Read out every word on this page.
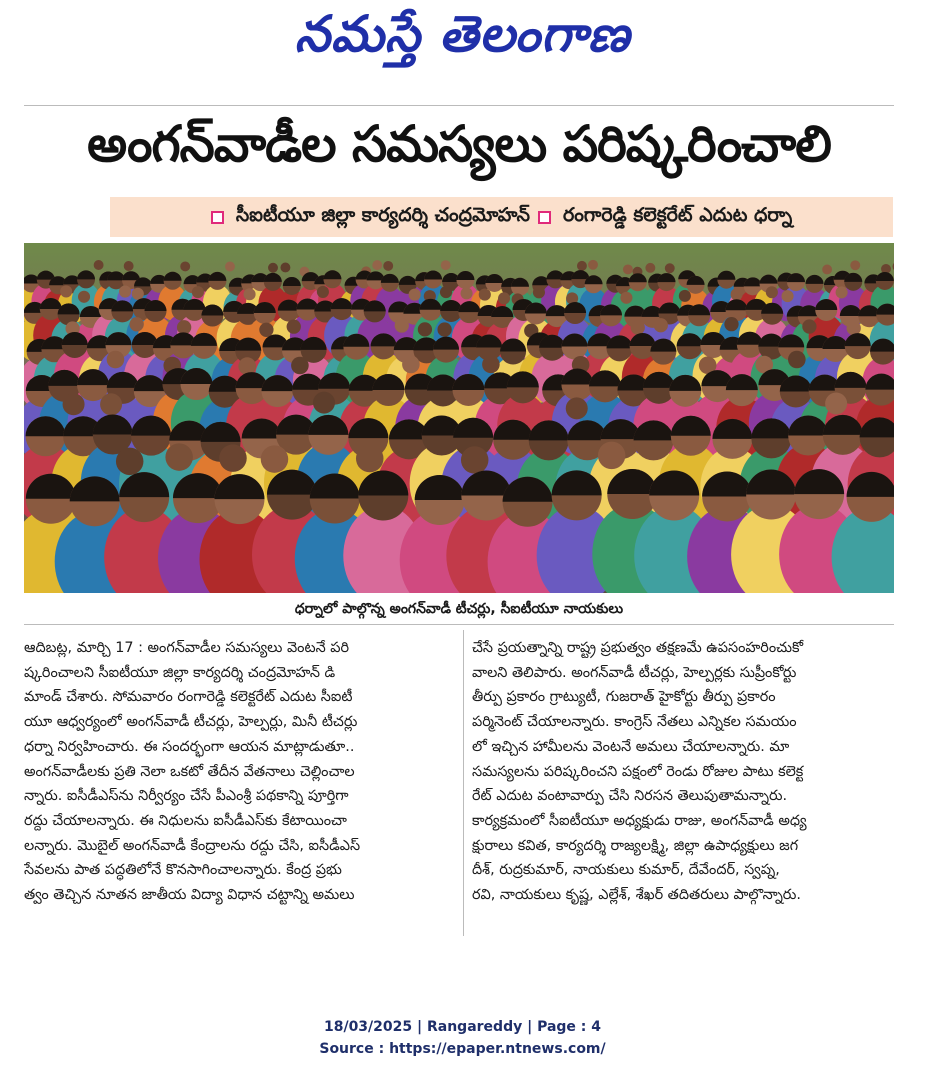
నమస్తే తెలంగాణ
అంగన్‌వాడీల సమస్యలు పరిష్కరించాలి
సీఐటీయూ జిల్లా కార్యదర్శి చంద్రమోహన్ రంగారెడ్డి కలెక్టరేట్ ఎదుట ధర్నా
ధర్నాలో పాల్గొన్న అంగన్‌వాడీ టీచర్లు, సీఐటీయూ నాయకులు
ఆదిబట్ల, మార్చి 17 : అంగన్‌వాడీల సమస్యలు వెంటనే పరి
ష్కరించాలని సీఐటీయూ జిల్లా కార్యదర్శి చంద్రమోహన్ డి
మాండ్ చేశారు. సోమవారం రంగారెడ్డి కలెక్టరేట్ ఎదుట సీఐటీ
యూ ఆధ్వర్యంలో అంగన్‌వాడీ టీచర్లు, హెల్పర్లు, మినీ టీచర్లు
ధర్నా నిర్వహించారు. ఈ సందర్భంగా ఆయన మాట్లాడుతూ..
అంగన్‌వాడీలకు ప్రతి నెలా ఒకటో తేదీన వేతనాలు చెల్లించాల
న్నారు. ఐసీడీఎస్‌ను నిర్వీర్యం చేసే పీఎంశ్రీ పథకాన్ని పూర్తిగా
రద్దు చేయాలన్నారు. ఈ నిధులను ఐసీడీఎస్‌కు కేటాయించా
లన్నారు. మొబైల్ అంగన్‌వాడీ కేంద్రాలను రద్దు చేసి, ఐసీడీఎస్
సేవలను పాత పద్ధతిలోనే కొనసాగించాలన్నారు. కేంద్ర ప్రభు
త్వం తెచ్చిన నూతన జాతీయ విద్యా విధాన చట్టాన్ని అమలు
చేసే ప్రయత్నాన్ని రాష్ట్ర ప్రభుత్వం తక్షణమే ఉపసంహరించుకో
వాలని తెలిపారు. అంగన్‌వాడీ టీచర్లు, హెల్పర్లకు సుప్రీంకోర్టు
తీర్పు ప్రకారం గ్రాట్యుటీ, గుజరాత్ హైకోర్టు తీర్పు ప్రకారం
పర్మినెంట్ చేయాలన్నారు. కాంగ్రెస్ నేతలు ఎన్నికల సమయం
లో ఇచ్చిన హామీలను వెంటనే అమలు చేయాలన్నారు. మా
సమస్యలను పరిష్కరించని పక్షంలో రెండు రోజుల పాటు కలెక్ట
రేట్ ఎదుట వంటావార్పు చేసి నిరసన తెలుపుతామన్నారు.
కార్యక్రమంలో సీఐటీయూ అధ్యక్షుడు రాజు, అంగన్‌వాడీ అధ్య
క్షురాలు కవిత, కార్యదర్శి రాజ్యలక్ష్మి, జిల్లా ఉపాధ్యక్షులు జగ
దీశ్, రుద్రకుమార్, నాయకులు కుమార్, దేవేందర్, స్వప్న,
రవి, నాయకులు కృష్ణ, ఎల్లేశ్, శేఖర్ తదితరులు పాల్గొన్నారు.
18/03/2025 | Rangareddy | Page : 4
Source : https://epaper.ntnews.com/
